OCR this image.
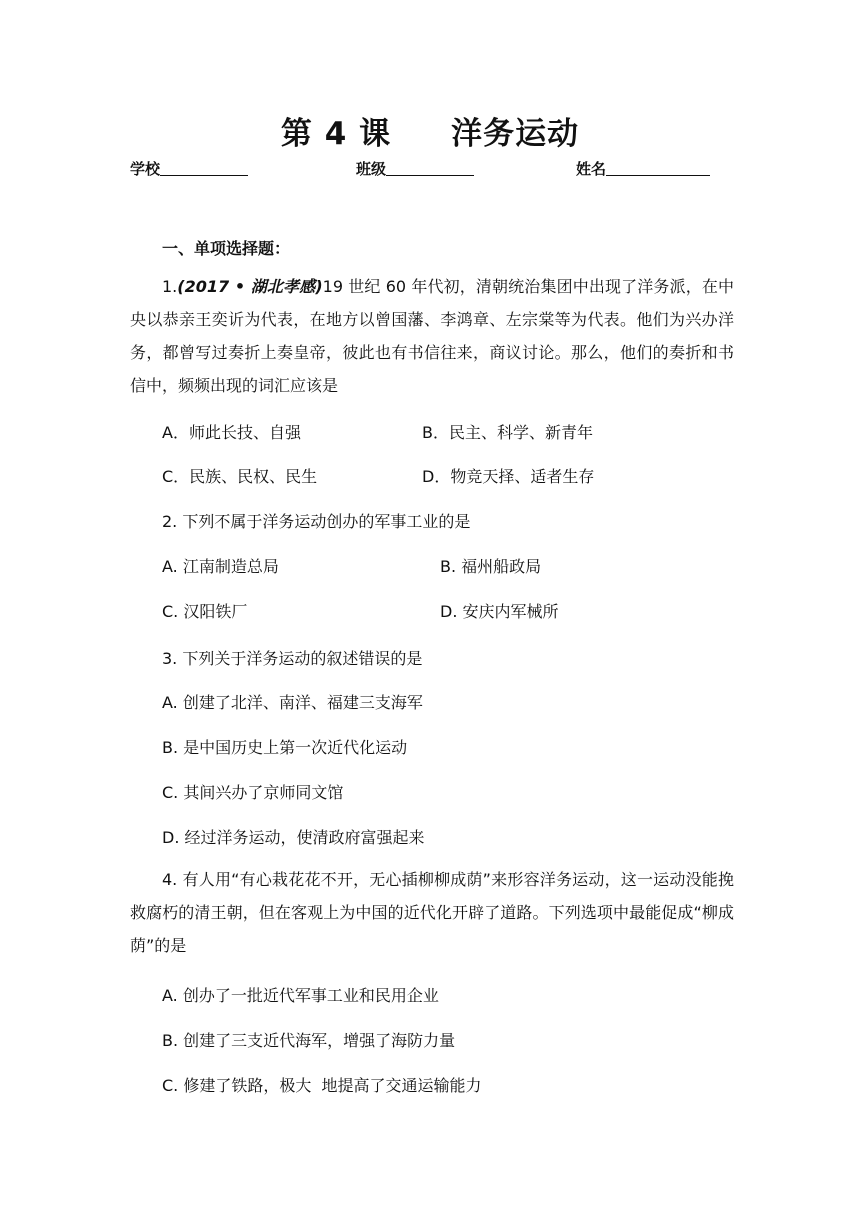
第 4 课 洋务运动
学校	班级	姓名
一、单项选择题：
1.(2017 • 湖北孝感)19 世纪 60 年代初，清朝统治集团中出现了洋务派，在中央以恭亲王奕䜣为代表，在地方以曾国藩、李鸿章、左宗棠等为代表。他们为兴办洋务，都曾写过奏折上奏皇帝，彼此也有书信往来，商议讨论。那么，他们的奏折和书信中，频频出现的词汇应该是
A．师此长技、自强	B．民主、科学、新青年
C．民族、民权、民生	D．物竞天择、适者生存
2. 下列不属于洋务运动创办的军事工业的是
A. 江南制造总局	B. 福州船政局
C. 汉阳铁厂	D. 安庆内军械所
3. 下列关于洋务运动的叙述错误的是
A. 创建了北洋、南洋、福建三支海军
B. 是中国历史上第一次近代化运动
C. 其间兴办了京师同文馆
D. 经过洋务运动，使清政府富强起来
4. 有人用“有心栽花花不开，无心插柳柳成荫”来形容洋务运动，这一运动没能挽救腐朽的清王朝，但在客观上为中国的近代化开辟了道路。下列选项中最能促成“柳成荫”的是
A. 创办了一批近代军事工业和民用企业
B. 创建了三支近代海军，增强了海防力量
C. 修建了铁路，极大  地提高了交通运输能力
